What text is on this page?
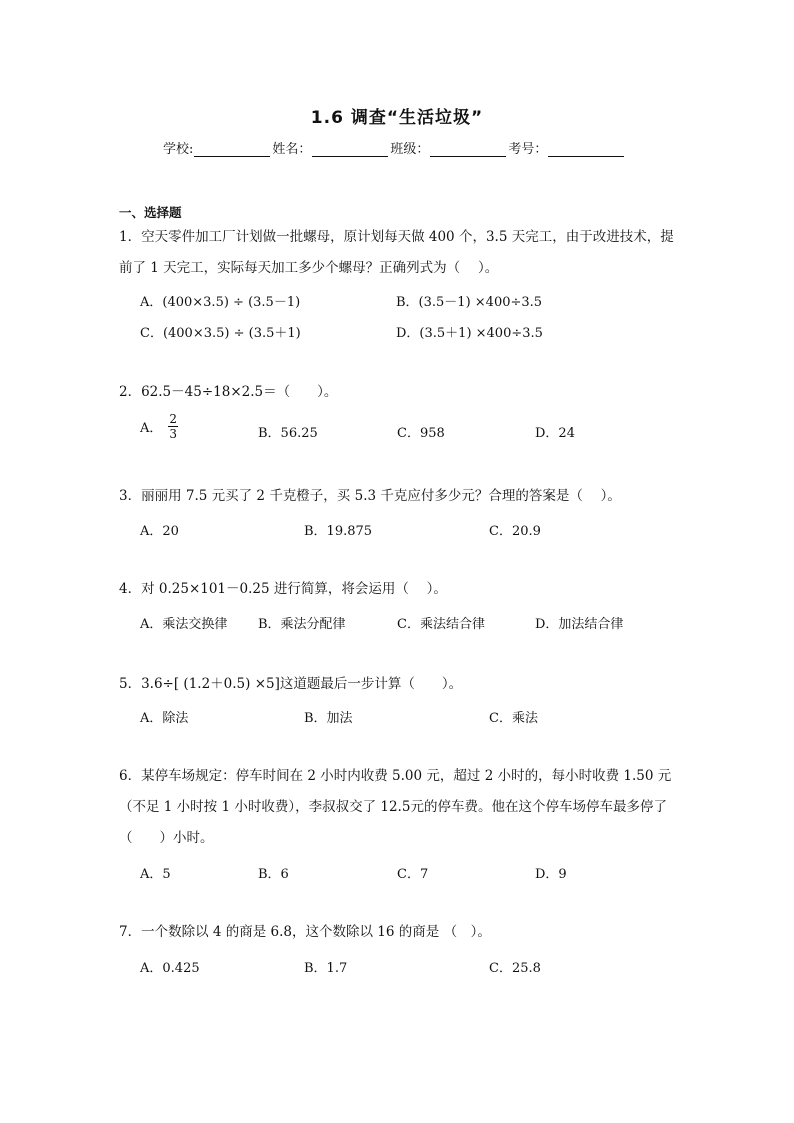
1.6 调查“生活垃圾”
学校:	姓名：	班级：	考号：
一、选择题
1．空天零件加工厂计划做一批螺母，原计划每天做 400 个，3.5 天完工，由于改进技术，提
前了 1 天完工，实际每天加工多少个螺母？正确列式为（　 ）。
A．(400×3.5) ÷ (3.5－1)	B．(3.5－1) ×400÷3.5
C．(400×3.5) ÷ (3.5＋1)	D．(3.5＋1) ×400÷3.5
2．62.5－45÷18×2.5＝（　　）。
A． $\frac{2}{3}$	B．56.25	C．958	D．24
3．丽丽用 7.5 元买了 2 千克橙子，买 5.3 千克应付多少元？合理的答案是（　 ）。
A．20	B．19.875	C．20.9
4．对 0.25×101－0.25 进行简算，将会运用（　 ）。
A．乘法交换律 B．乘法分配律	C．乘法结合律	D．加法结合律
5．3.6÷[ (1.2＋0.5) ×5]这道题最后一步计算（　　）。
A．除法	B．加法	C．乘法
6．某停车场规定：停车时间在 2 小时内收费 5.00 元，超过 2 小时的，每小时收费 1.50 元
（不足 1 小时按 1 小时收费），李叔叔交了 12.5元的停车费。他在这个停车场停车最多停了
（　　）小时。
A．5	B．6	C．7	D．9
7．一个数除以 4 的商是 6.8，这个数除以 16 的商是 （　）。
A．0.425	B．1.7	C．25.8
